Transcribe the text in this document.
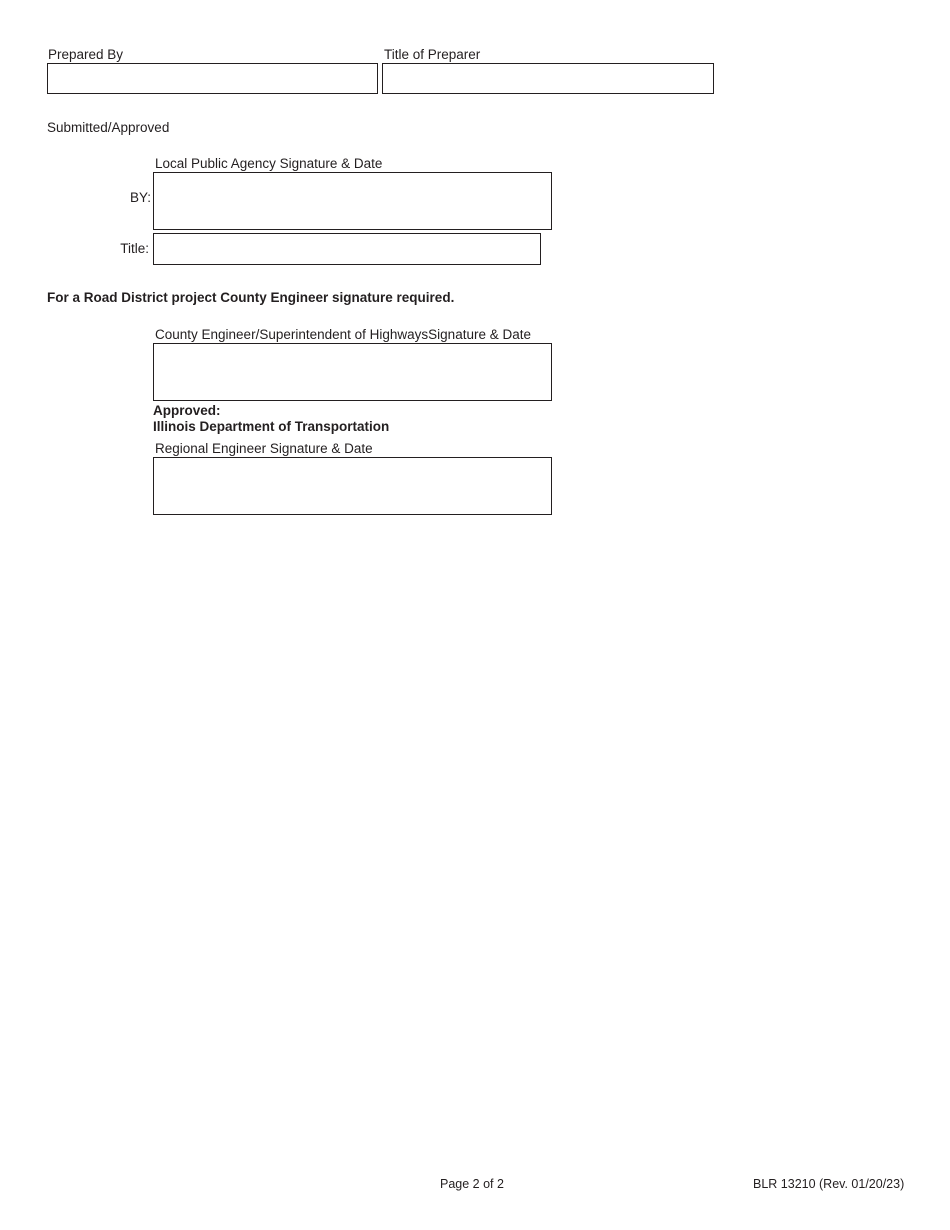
Prepared By	Title of Preparer
Submitted/Approved
Local Public Agency Signature & Date
BY:
Title:
For a Road District project County Engineer signature required.
County Engineer/Superintendent of HighwaysSignature & Date
Approved:
Illinois Department of Transportation
Regional Engineer Signature & Date
Page 2 of 2	BLR 13210 (Rev. 01/20/23)
